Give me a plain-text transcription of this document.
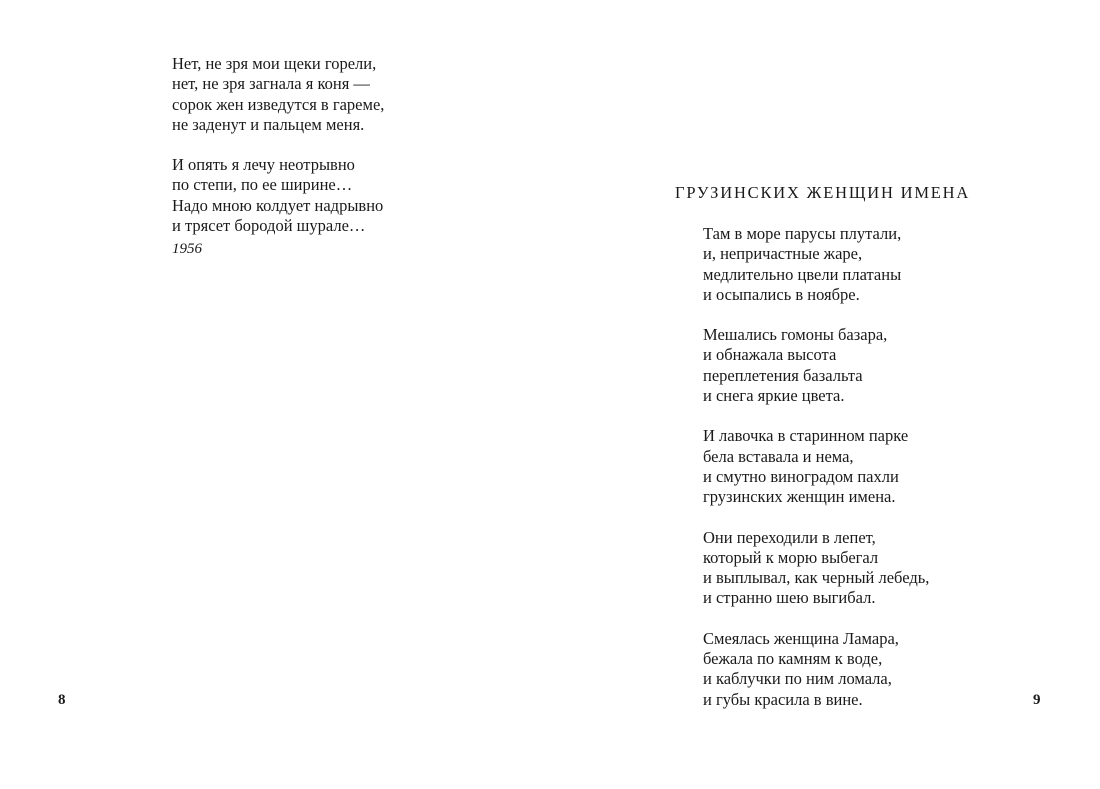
Нет, не зря мои щеки горели,
нет, не зря загнала я коня —
сорок жен изведутся в гареме,
не заденут и пальцем меня.
И опять я лечу неотрывно
по степи, по ее ширине…
Надо мною колдует надрывно
и трясет бородой шурале…
1956
8
ГРУЗИНСКИХ ЖЕНЩИН ИМЕНА
Там в море парусы плутали,
и, непричастные жаре,
медлительно цвели платаны
и осыпались в ноябре.
Мешались гомоны базара,
и обнажала высота
переплетения базальта
и снега яркие цвета.
И лавочка в старинном парке
бела вставала и нема,
и смутно виноградом пахли
грузинских женщин имена.
Они переходили в лепет,
который к морю выбегал
и выплывал, как черный лебедь,
и странно шею выгибал.
Смеялась женщина Ламара,
бежала по камням к воде,
и каблучки по ним ломала,
и губы красила в вине.	9
